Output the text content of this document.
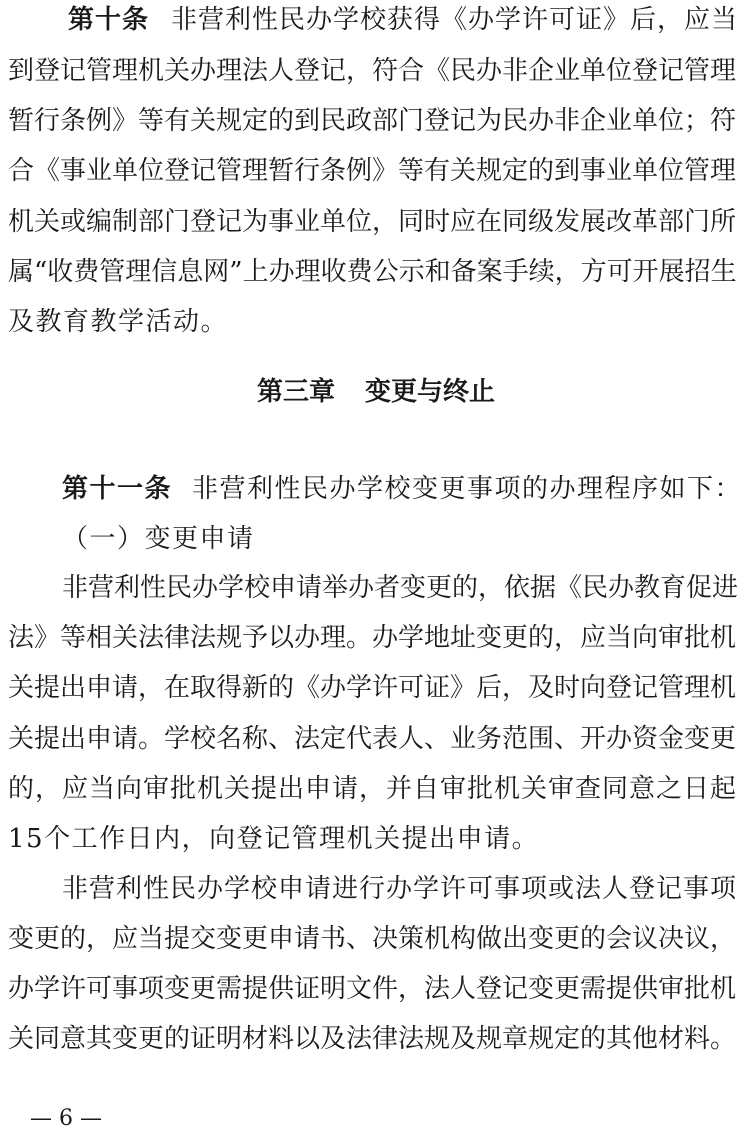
第十条 非营利性民办学校获得《办学许可证》后，应当
到登记管理机关办理法人登记，符合《民办非企业单位登记管理
暂行条例》等有关规定的到民政部门登记为民办非企业单位；符
合《事业单位登记管理暂行条例》等有关规定的到事业单位管理
机关或编制部门登记为事业单位，同时应在同级发展改革部门所
属“收费管理信息网”上办理收费公示和备案手续，方可开展招生
及教育教学活动。
第三章 变更与终止
第十一条 非营利性民办学校变更事项的办理程序如下：
（一）变更申请
非营利性民办学校申请举办者变更的，依据《民办教育促进
法》等相关法律法规予以办理。办学地址变更的，应当向审批机
关提出申请，在取得新的《办学许可证》后，及时向登记管理机
关提出申请。学校名称、法定代表人、业务范围、开办资金变更
的，应当向审批机关提出申请，并自审批机关审查同意之日起
15个工作日内，向登记管理机关提出申请。
非营利性民办学校申请进行办学许可事项或法人登记事项
变更的，应当提交变更申请书、决策机构做出变更的会议决议，
办学许可事项变更需提供证明文件，法人登记变更需提供审批机
关同意其变更的证明材料以及法律法规及规章规定的其他材料。
— 6 —
